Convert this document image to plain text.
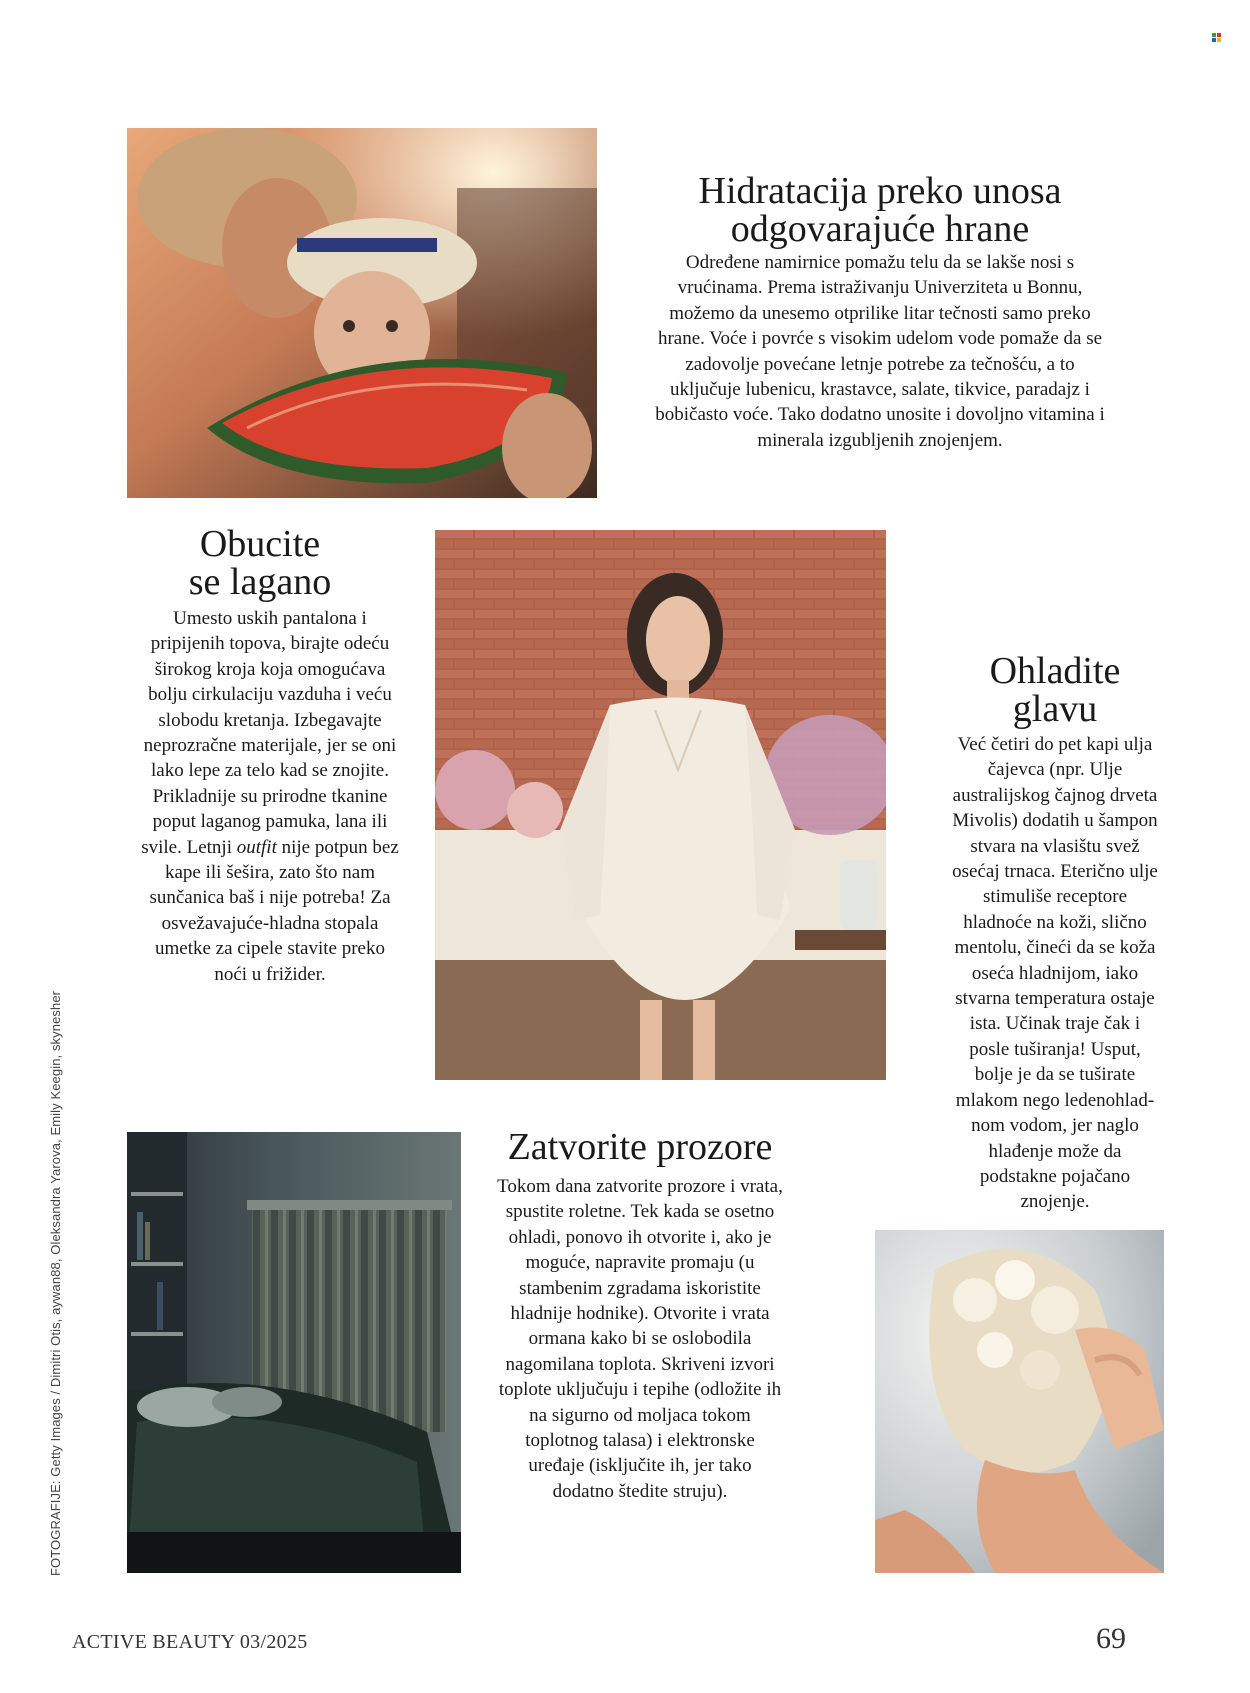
Hidratacija preko unosa
odgovarajuće hrane

Određene namirnice pomažu telu da se lakše nosi s
vrućinama. Prema istraživanju Univerziteta u Bonnu,
možemo da unesemo otprilike litar tečnosti samo preko
hrane. Voće i povrće s visokim udelom vode pomaže da se
zadovolje povećane letnje potrebe za tečnošću, a to
uključuje lubenicu, krastavce, salate, tikvice, paradajz i
bobičasto voće. Tako dodatno unosite i dovoljno vitamina i
minerala izgubljenih znojenjem.

Obucite
se lagano

Umesto uskih pantalona i
pripijenih topova, birajte odeću
širokog kroja koja omogućava
bolju cirkulaciju vazduha i veću
slobodu kretanja. Izbegavajte
neprozračne materijale, jer se oni
lako lepe za telo kad se znojite.
Prikladnije su prirodne tkanine
poput laganog pamuka, lana ili
svile. Letnji outfit nije potpun bez
kape ili šešira, zato što nam
sunčanica baš i nije potreba! Za
osvežavajuće-hladna stopala
umetke za cipele stavite preko
noći u frižider.

Ohladite
glavu

Već četiri do pet kapi ulja
čajevca (npr. Ulje
australijskog čajnog drveta
Mivolis) dodatih u šampon
stvara na vlasištu svež
osećaj trnaca. Eterično ulje
stimuliše receptore
hladnoće na koži, slično
mentolu, čineći da se koža
oseća hladnijom, iako
stvarna temperatura ostaje
ista. Učinak traje čak i
posle tuširanja! Usput,
bolje je da se tuširate
mlakom nego ledenohlad-
nom vodom, jer naglo
hlađenje može da
podstakne pojačano
znojenje.

Zatvorite prozore

Tokom dana zatvorite prozore i vrata,
spustite roletne. Tek kada se osetno
ohladi, ponovo ih otvorite i, ako je
moguće, napravite promaju (u
stambenim zgradama iskoristite
hladnije hodnike). Otvorite i vrata
ormana kako bi se oslobodila
nagomilana toplota. Skriveni izvori
toplote uključuju i tepihe (odložite ih
na sigurno od moljaca tokom
toplotnog talasa) i elektronske
uređaje (isključite ih, jer tako
dodatno štedite struju).

FOTOGRAFIJE: Getty Images / Dimitri Otis, aywan88, Oleksandra Yarova, Emily Keegin, skynesher
ACTIVE BEAUTY 03/2025	69
